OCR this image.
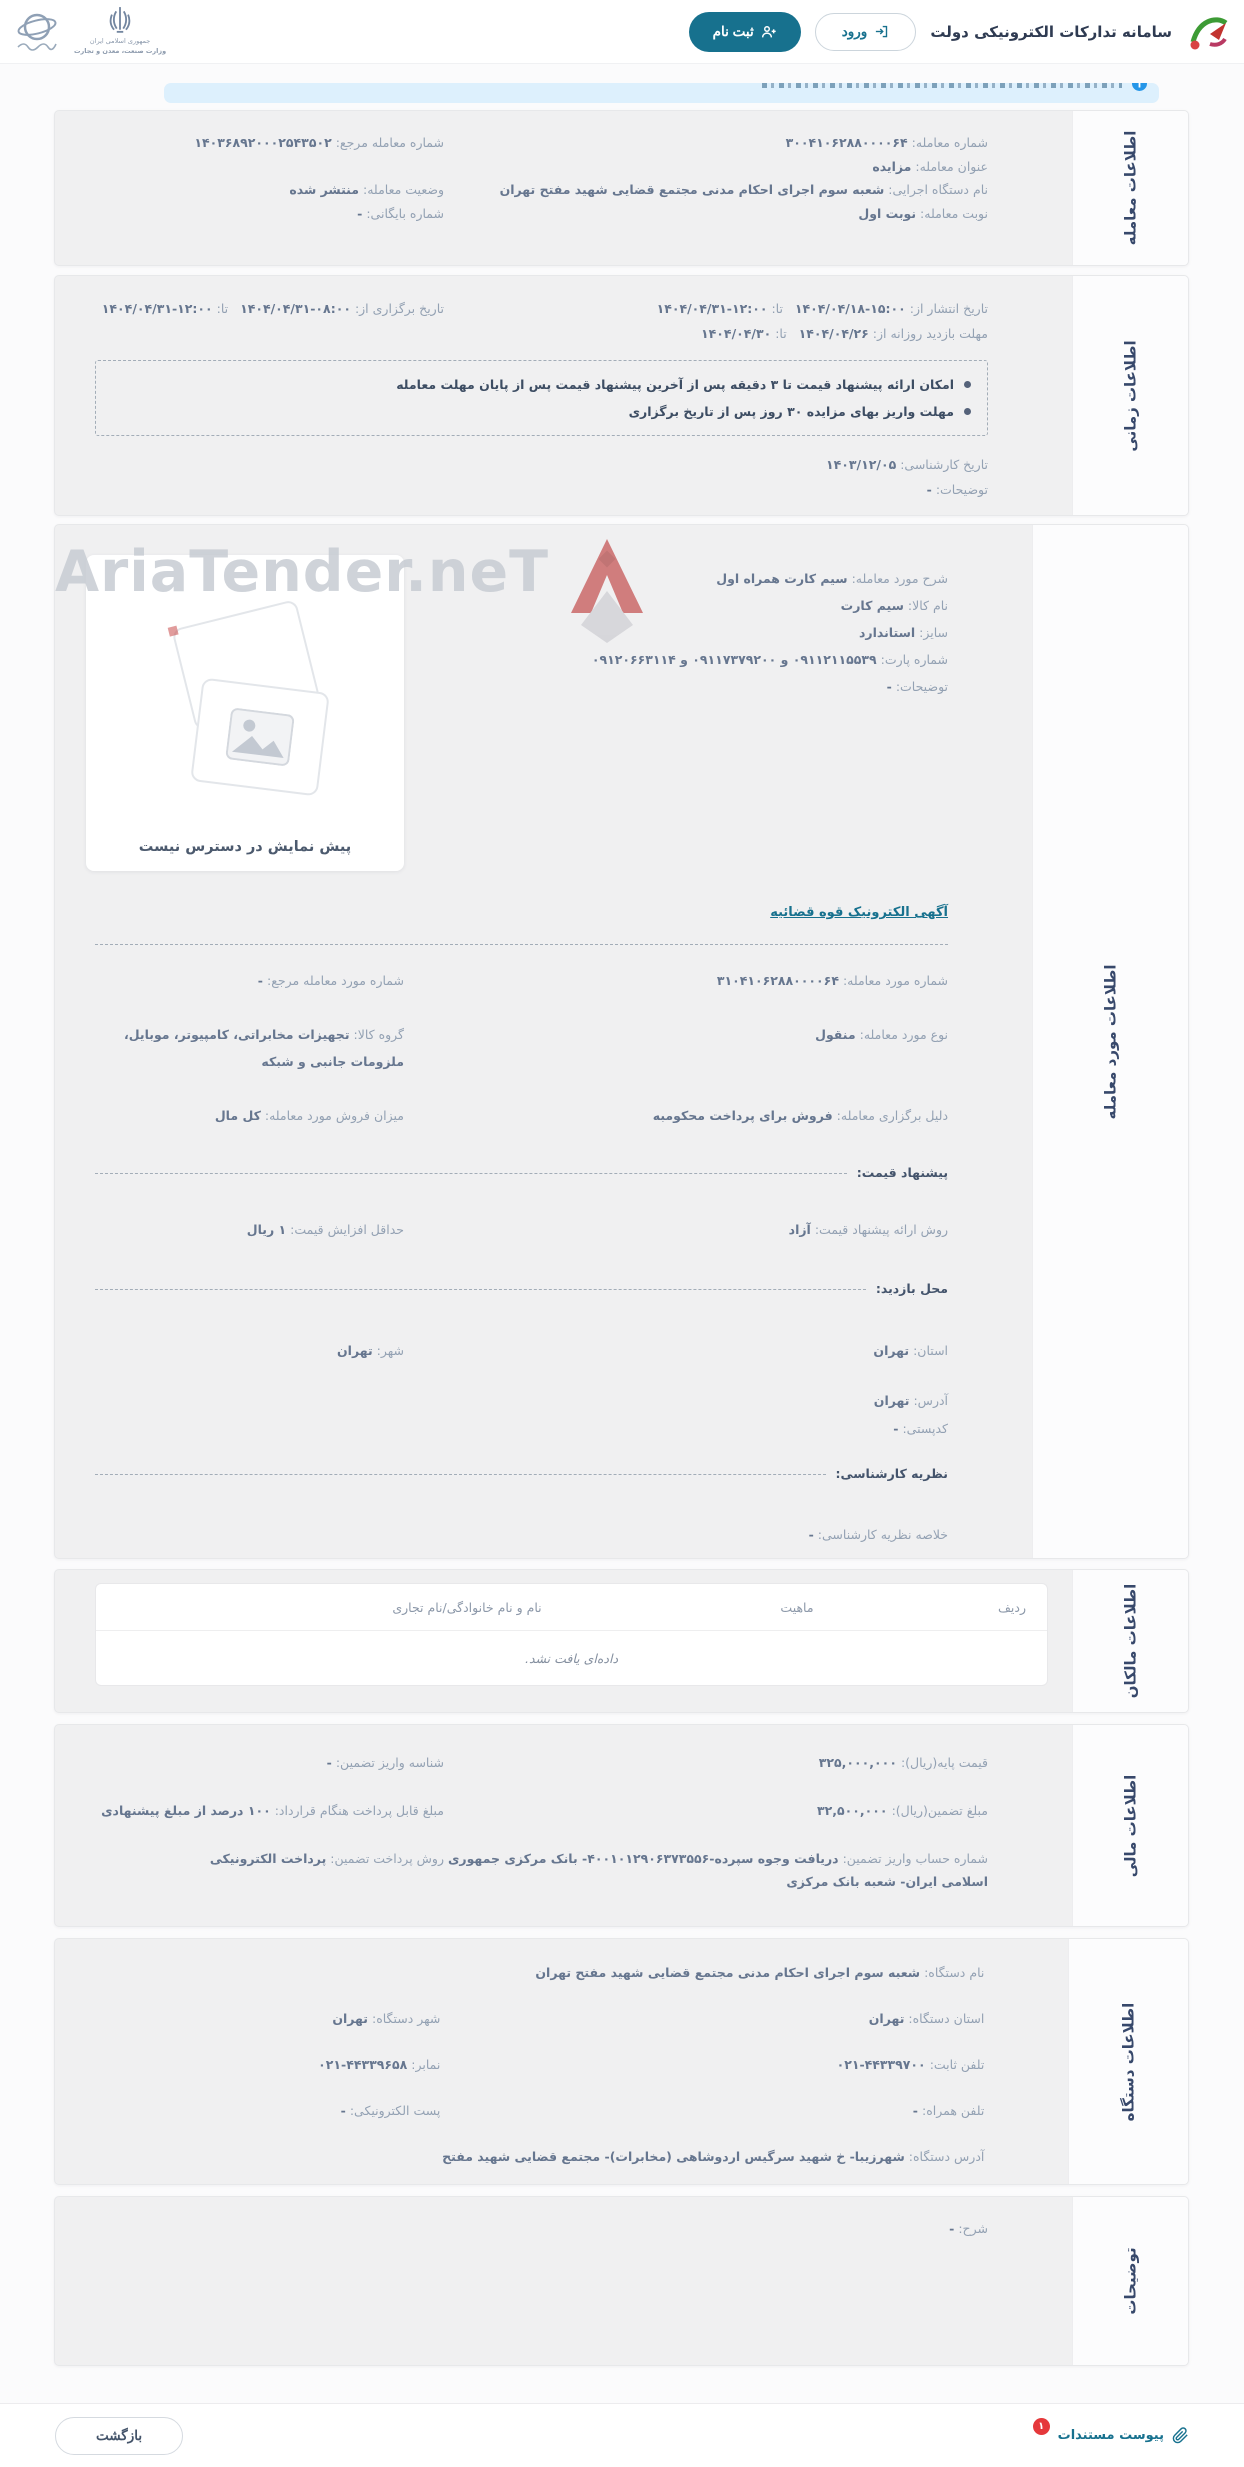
سامانه تدارکات الکترونیکی دولت
ورود
ثبت نام
جمهوری اسلامی ایران
وزارت صنعت، معدن و تجارت
اطلاعات معامله
شماره معامله: ۳۰۰۴۱۰۶۲۸۸۰۰۰۰۶۴
شماره معامله مرجع: ۱۴۰۳۶۸۹۲۰۰۰۲۵۴۳۵۰۲
عنوان معامله: مزایده
نام دستگاه اجرایی: شعبه سوم اجرای احکام مدنی مجتمع قضایی شهید مفتح تهران
وضعیت معامله: منتشر شده
نوبت معامله: نوبت اول
شماره بایگانی: -
اطلاعات زمانی
تاریخ انتشار از: ۱۴۰۴/۰۴/۱۸-۱۵:۰۰   تا: ۱۴۰۴/۰۴/۳۱-۱۲:۰۰
تاریخ برگزاری از: ۱۴۰۴/۰۴/۳۱-۰۸:۰۰   تا: ۱۴۰۴/۰۴/۳۱-۱۲:۰۰
مهلت بازدید روزانه از: ۱۴۰۴/۰۴/۲۶   تا: ۱۴۰۴/۰۴/۳۰
امکان ارائه پیشنهاد قیمت تا ۳ دقیقه پس از آخرین پیشنهاد قیمت پس از پایان مهلت معامله
مهلت واریز بهای مزایده ۳۰ روز پس از تاریخ برگزاری
تاریخ کارشناسی: ۱۴۰۳/۱۲/۰۵
توضیحات: -
اطلاعات مورد معامله
AriaTender.neT
پیش نمایش در دسترس نیست
شرح مورد معامله: سیم کارت همراه اول
نام کالا: سیم کارت
سایز: استاندارد
شماره پارت: ۰۹۱۱۲۱۱۵۵۳۹ و ۰۹۱۱۷۳۷۹۲۰۰ و ۰۹۱۲۰۶۶۳۱۱۴
توضیحات: -
آگهی الکترونیک قوه قضائیه
شماره مورد معامله: ۳۱۰۴۱۰۶۲۸۸۰۰۰۰۶۴
شماره مورد معامله مرجع: -
نوع مورد معامله: منقول
گروه کالا: تجهیزات مخابراتی، کامپیوتر، موبایل، ملزومات جانبی و شبکه
دلیل برگزاری معامله: فروش برای پرداخت محکومبه
میزان فروش مورد معامله: کل مال
پیشنهاد قیمت:
روش ارائه پیشنهاد قیمت: آزاد
حداقل افزایش قیمت: ۱ ریال
محل بازدید:
استان: تهران
شهر: تهران
آدرس: تهران
کدپستی: -
نظریه کارشناسی:
خلاصه نظریه کارشناسی: -
اطلاعات مالکان
ردیف
ماهیت
نام و نام خانوادگی/نام تجاری
داده‌ای یافت نشد.
اطلاعات مالی
قیمت پایه(ریال): ۳۲۵,۰۰۰,۰۰۰
شناسه واریز تضمین: -
مبلغ تضمین(ریال): ۳۲,۵۰۰,۰۰۰
مبلغ قابل پرداخت هنگام قرارداد: ۱۰۰ درصد از مبلغ پیشنهادی
شماره حساب واریز تضمین: دریافت وجوه سپرده-۴۰۰۱۰۱۲۹۰۶۳۷۳۵۵۶- بانک مرکزی جمهوری اسلامی ایران- شعبه بانک مرکزی
روش پرداخت تضمین: پرداخت الکترونیکی
اطلاعات دستگاه
نام دستگاه: شعبه سوم اجرای احکام مدنی مجتمع قضایی شهید مفتح تهران
استان دستگاه: تهران
شهر دستگاه: تهران
تلفن ثابت: ۰۲۱-۴۴۳۳۹۷۰۰
نمابر: ۰۲۱-۴۴۳۳۹۶۵۸
تلفن همراه: -
پست الکترونیکی: -
آدرس دستگاه: شهرزیبا- خ شهید سرگیس اردوشاهی (مخابرات)- مجتمع قضایی شهید مفتح
توضیحات
شرح: -
پیوست مستندات
۱
بازگشت
